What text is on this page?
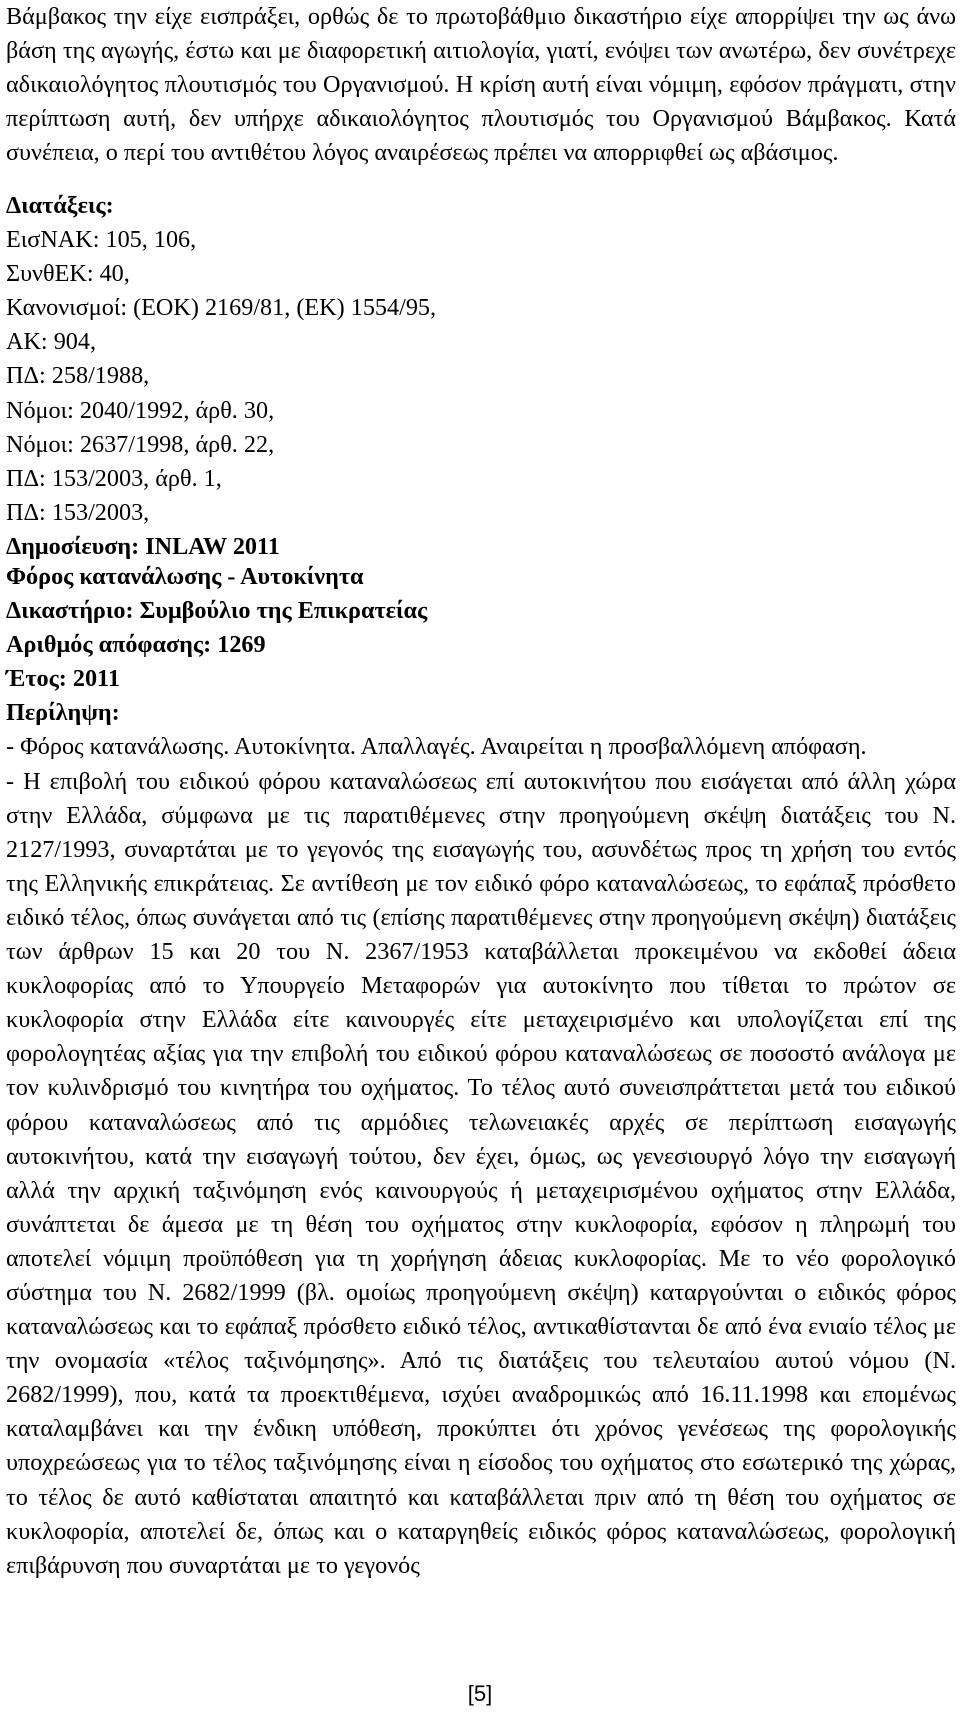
Βάμβακος την είχε εισπράξει, ορθώς δε το πρωτοβάθμιο δικαστήριο είχε απορρίψει την ως άνω βάση της αγωγής, έστω και με διαφορετική αιτιολογία, γιατί, ενόψει των ανωτέρω, δεν συνέτρεχε αδικαιολόγητος πλουτισμός του Οργανισμού. Η κρίση αυτή είναι νόμιμη, εφόσον πράγματι, στην περίπτωση αυτή, δεν υπήρχε αδικαιολόγητος πλουτισμός του Οργανισμού Βάμβακος. Κατά συνέπεια, ο περί του αντιθέτου λόγος αναιρέσεως πρέπει να απορριφθεί ως αβάσιμος.
Διατάξεις:
ΕισΝΑΚ: 105, 106,
ΣυνθΕΚ: 40,
Κανονισμοί: (ΕΟΚ) 2169/81, (ΕΚ) 1554/95,
ΑΚ: 904,
ΠΔ: 258/1988,
Νόμοι: 2040/1992, άρθ. 30,
Νόμοι: 2637/1998, άρθ. 22,
ΠΔ: 153/2003, άρθ. 1,
ΠΔ: 153/2003,
Δημοσίευση: INLAW 2011
Φόρος κατανάλωσης - Αυτοκίνητα
Δικαστήριο: Συμβούλιο της Επικρατείας
Αριθμός απόφασης: 1269
Έτος: 2011
Περίληψη:
- Φόρος κατανάλωσης. Αυτοκίνητα. Απαλλαγές. Αναιρείται η προσβαλλόμενη απόφαση.
- Η επιβολή του ειδικού φόρου καταναλώσεως επί αυτοκινήτου που εισάγεται από άλλη χώρα στην Ελλάδα, σύμφωνα με τις παρατιθέμενες στην προηγούμενη σκέψη διατάξεις του Ν. 2127/1993, συναρτάται με το γεγονός της εισαγωγής του, ασυνδέτως προς τη χρήση του εντός της Ελληνικής επικράτειας. Σε αντίθεση με τον ειδικό φόρο καταναλώσεως, το εφάπαξ πρόσθετο ειδικό τέλος, όπως συνάγεται από τις (επίσης παρατιθέμενες στην προηγούμενη σκέψη) διατάξεις των άρθρων 15 και 20 του Ν. 2367/1953 καταβάλλεται προκειμένου να εκδοθεί άδεια κυκλοφορίας από το Υπουργείο Μεταφορών για αυτοκίνητο που τίθεται το πρώτον σε κυκλοφορία στην Ελλάδα είτε καινουργές είτε μεταχειρισμένο και υπολογίζεται επί της φορολογητέας αξίας για την επιβολή του ειδικού φόρου καταναλώσεως σε ποσοστό ανάλογα με τον κυλινδρισμό του κινητήρα του οχήματος. Το τέλος αυτό συνεισπράττεται μετά του ειδικού φόρου καταναλώσεως από τις αρμόδιες τελωνειακές αρχές σε περίπτωση εισαγωγής αυτοκινήτου, κατά την εισαγωγή τούτου, δεν έχει, όμως, ως γενεσιουργό λόγο την εισαγωγή αλλά την αρχική ταξινόμηση ενός καινουργούς ή μεταχειρισμένου οχήματος στην Ελλάδα, συνάπτεται δε άμεσα με τη θέση του οχήματος στην κυκλοφορία, εφόσον η πληρωμή του αποτελεί νόμιμη προϋπόθεση για τη χορήγηση άδειας κυκλοφορίας. Με το νέο φορολογικό σύστημα του Ν. 2682/1999 (βλ. ομοίως προηγούμενη σκέψη) καταργούνται ο ειδικός φόρος καταναλώσεως και το εφάπαξ πρόσθετο ειδικό τέλος, αντικαθίστανται δε από ένα ενιαίο τέλος με την ονομασία «τέλος ταξινόμησης». Από τις διατάξεις του τελευταίου αυτού νόμου (Ν. 2682/1999), που, κατά τα προεκτιθέμενα, ισχύει αναδρομικώς από 16.11.1998 και επομένως καταλαμβάνει και την ένδικη υπόθεση, προκύπτει ότι χρόνος γενέσεως της φορολογικής υποχρεώσεως για το τέλος ταξινόμησης είναι η είσοδος του οχήματος στο εσωτερικό της χώρας, το τέλος δε αυτό καθίσταται απαιτητό και καταβάλλεται πριν από τη θέση του οχήματος σε κυκλοφορία, αποτελεί δε, όπως και ο καταργηθείς ειδικός φόρος καταναλώσεως, φορολογική επιβάρυνση που συναρτάται με το γεγονός
[5]
